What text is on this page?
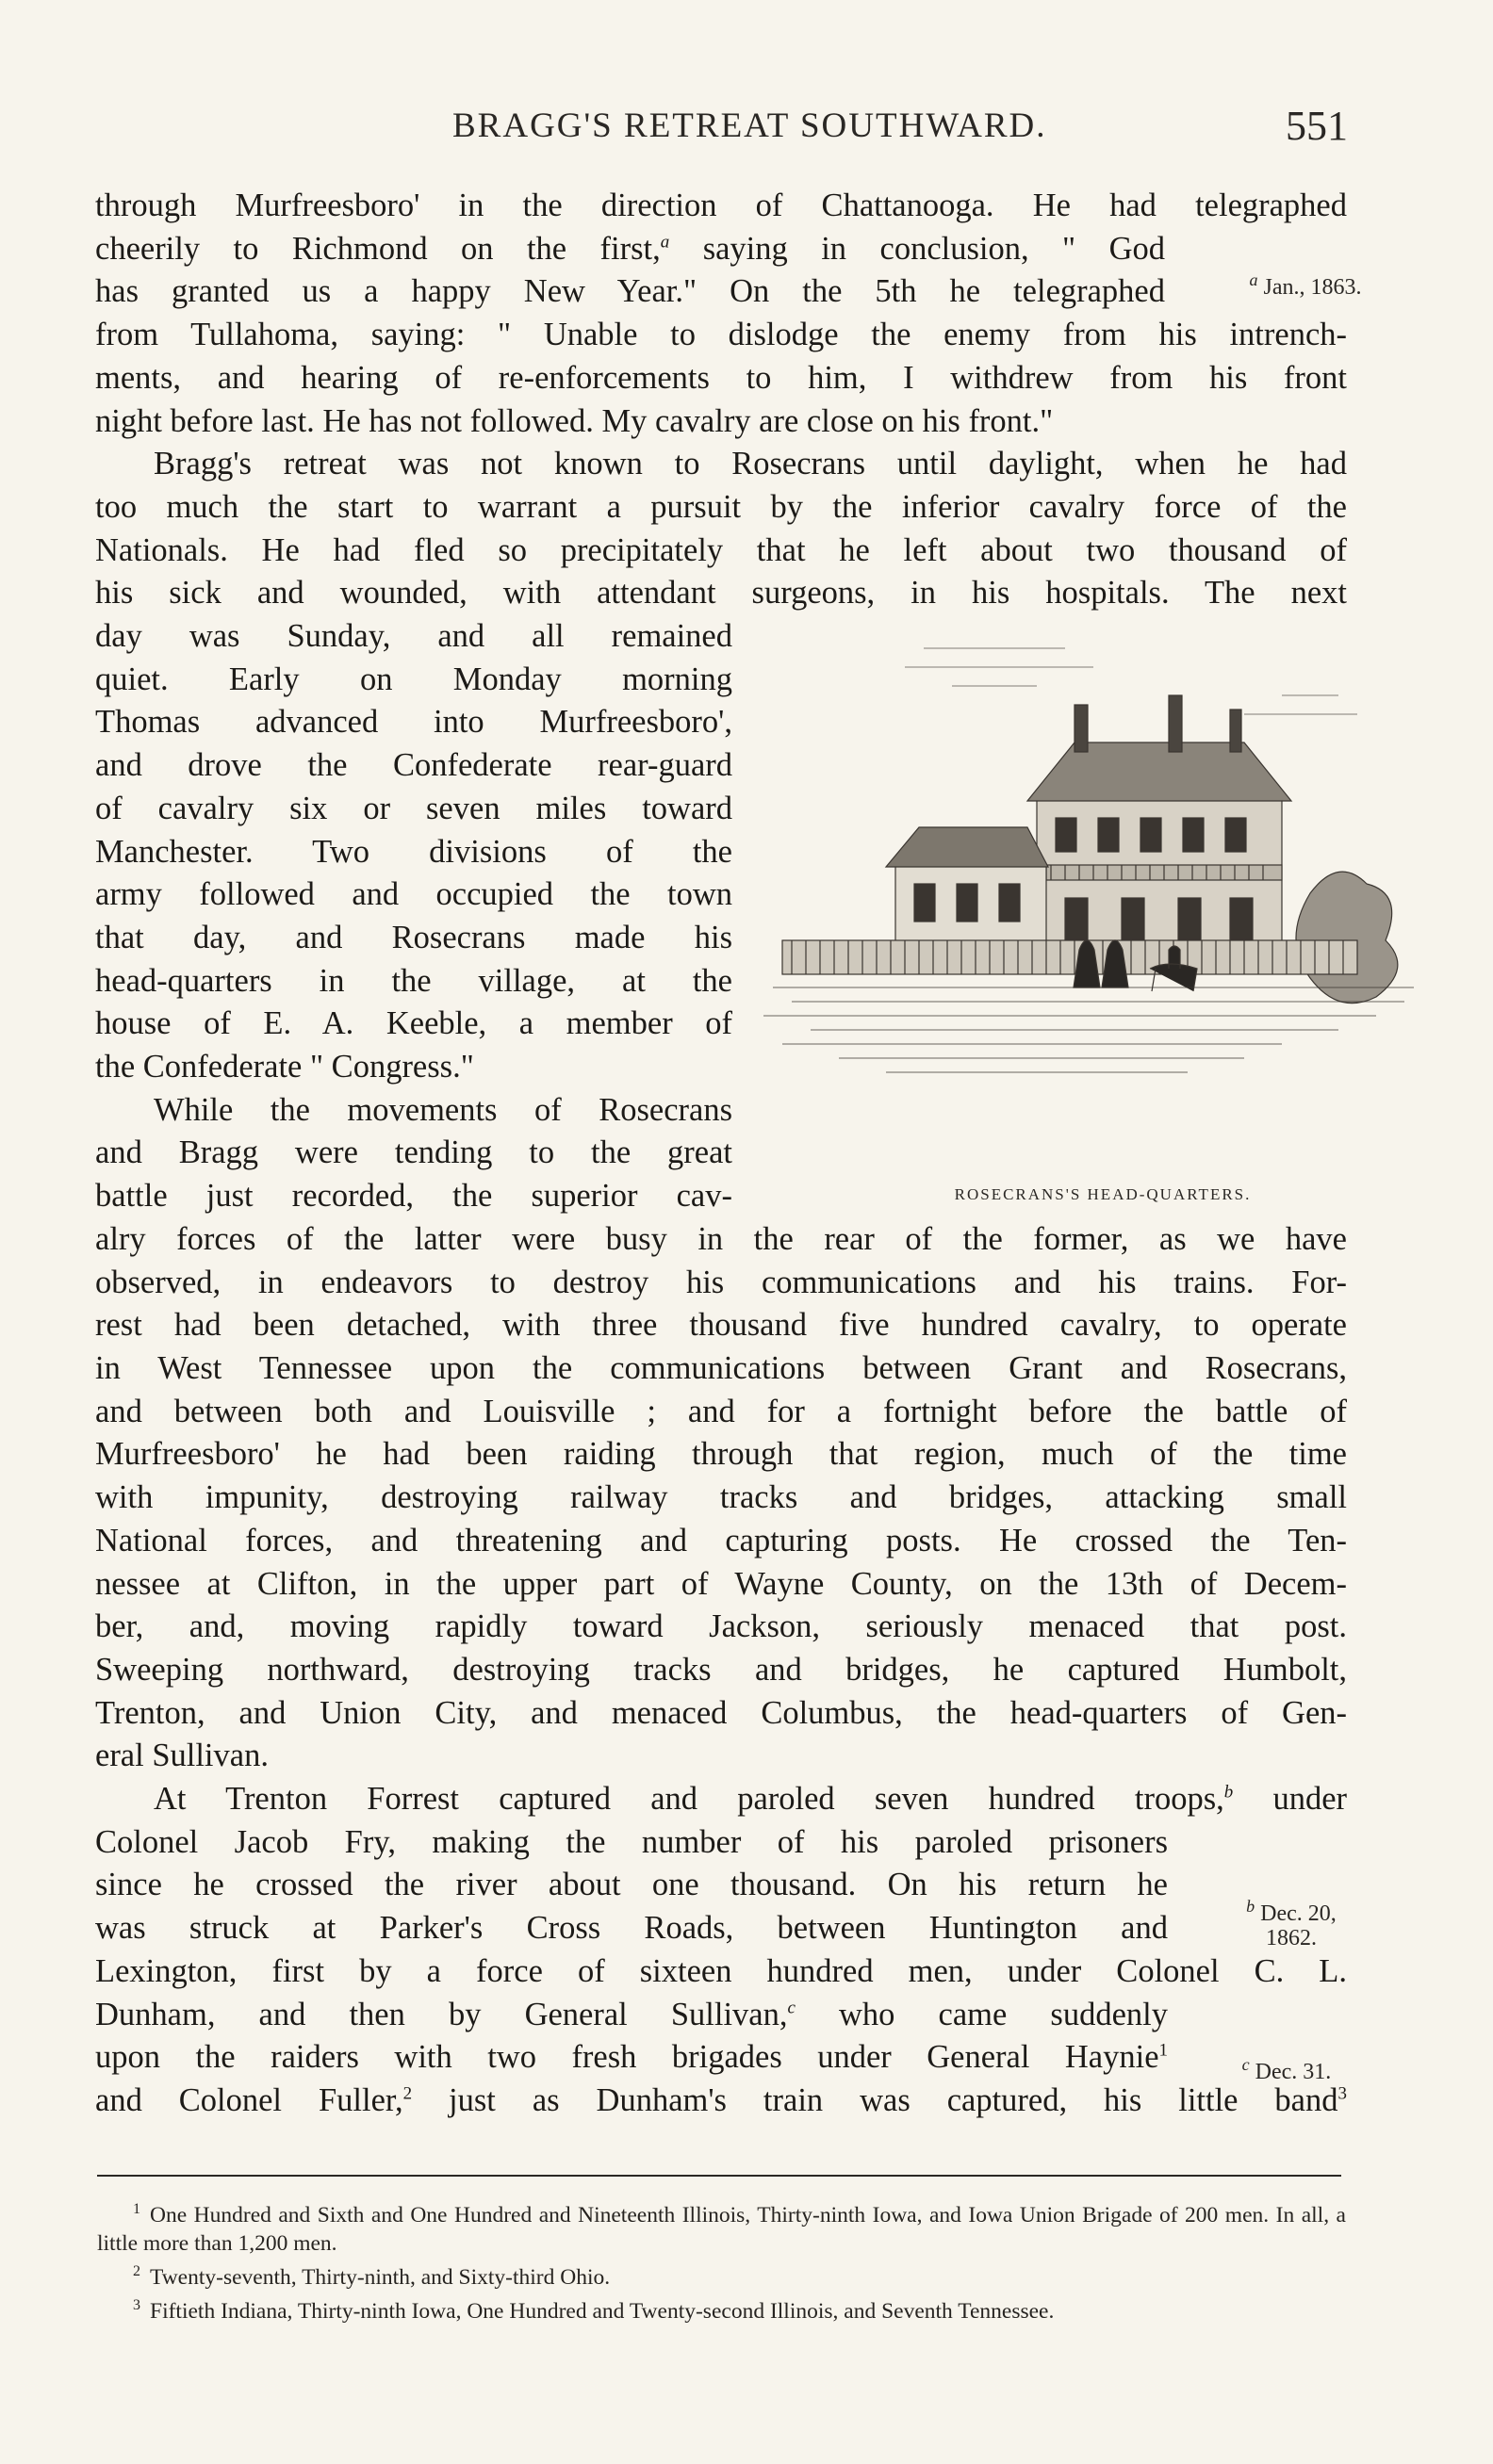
BRAGG'S RETREAT SOUTHWARD.	551

through Murfreesboro' in the direction of Chattanooga. He had telegraphed
cheerily to Richmond on the first,$^a$ saying in conclusion, " God
has granted us a happy New Year." On the 5th he telegraphed
from Tullahoma, saying: " Unable to dislodge the enemy from his intrench-
ments, and hearing of re-enforcements to him, I withdrew from his front
night before last. He has not followed. My cavalry are close on his front."

Bragg's retreat was not known to Rosecrans until daylight, when he had
too much the start to warrant a pursuit by the inferior cavalry force of the
Nationals. He had fled so precipitately that he left about two thousand of
his sick and wounded, with attendant surgeons, in his hospitals. The next
day was Sunday, and all remained
quiet. Early on Monday morning
Thomas advanced into Murfreesboro',
and drove the Confederate rear-guard
of cavalry six or seven miles toward
Manchester. Two divisions of the
army followed and occupied the town
that day, and Rosecrans made his
head-quarters in the village, at the
house of E. A. Keeble, a member of
the Confederate " Congress."

While the movements of Rosecrans
and Bragg were tending to the great
battle just recorded, the superior cav-
alry forces of the latter were busy in the rear of the former, as we have
observed, in endeavors to destroy his communications and his trains. For-
rest had been detached, with three thousand five hundred cavalry, to operate
in West Tennessee upon the communications between Grant and Rosecrans,
and between both and Louisville ; and for a fortnight before the battle of
Murfreesboro' he had been raiding through that region, much of the time
with impunity, destroying railway tracks and bridges, attacking small
National forces, and threatening and capturing posts. He crossed the Ten-
nessee at Clifton, in the upper part of Wayne County, on the 13th of Decem-
ber, and, moving rapidly toward Jackson, seriously menaced that post.
Sweeping northward, destroying tracks and bridges, he captured Humbolt,
Trenton, and Union City, and menaced Columbus, the head-quarters of Gen-
eral Sullivan.

At Trenton Forrest captured and paroled seven hundred troops,$^b$ under
Colonel Jacob Fry, making the number of his paroled prisoners
since he crossed the river about one thousand. On his return he
was struck at Parker's Cross Roads, between Huntington and
Lexington, first by a force of sixteen hundred men, under Colonel C. L.
Dunham, and then by General Sullivan,$^c$ who came suddenly
upon the raiders with two fresh brigades under General Haynie$^1$
and Colonel Fuller,$^2$ just as Dunham's train was captured, his little band$^3$

$^a$ Jan., 1863.
$^b$ Dec. 20,
1862.
$^c$ Dec. 31.
ROSECRANS'S HEAD-QUARTERS.

$^1$ One Hundred and Sixth and One Hundred and Nineteenth Illinois, Thirty-ninth Iowa, and Iowa Union Brigade of 200 men. In all, a little more than 1,200 men.

$^2$ Twenty-seventh, Thirty-ninth, and Sixty-third Ohio.

$^3$ Fiftieth Indiana, Thirty-ninth Iowa, One Hundred and Twenty-second Illinois, and Seventh Tennessee.
